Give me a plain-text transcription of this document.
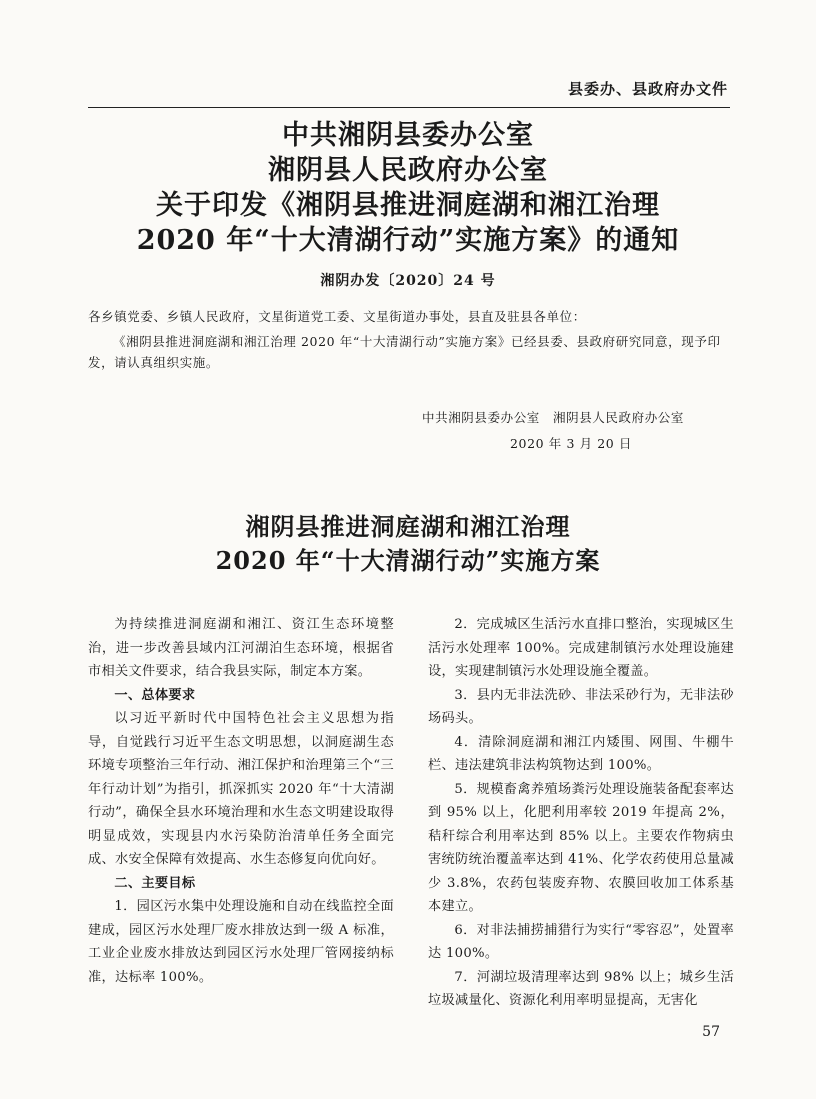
县委办、县政府办文件
中共湘阴县委办公室
湘阴县人民政府办公室
关于印发《湘阴县推进洞庭湖和湘江治理
2020 年“十大清湖行动”实施方案》的通知
湘阴办发〔2020〕24 号
各乡镇党委、乡镇人民政府，文星街道党工委、文星街道办事处，县直及驻县各单位：
《湘阴县推进洞庭湖和湘江治理 2020 年“十大清湖行动”实施方案》已经县委、县政府研究同意，现予印发，请认真组织实施。
中共湘阴县委办公室　湘阴县人民政府办公室
2020 年 3 月 20 日
湘阴县推进洞庭湖和湘江治理
2020 年“十大清湖行动”实施方案

为持续推进洞庭湖和湘江、资江生态环境整治，进一步改善县域内江河湖泊生态环境，根据省市相关文件要求，结合我县实际，制定本方案。

一、总体要求

以习近平新时代中国特色社会主义思想为指导，自觉践行习近平生态文明思想，以洞庭湖生态环境专项整治三年行动、湘江保护和治理第三个“三年行动计划”为指引，抓深抓实 2020 年“十大清湖行动”，确保全县水环境治理和水生态文明建设取得明显成效，实现县内水污染防治清单任务全面完成、水安全保障有效提高、水生态修复向优向好。

二、主要目标

1．园区污水集中处理设施和自动在线监控全面建成，园区污水处理厂废水排放达到一级 A 标准，工业企业废水排放达到园区污水处理厂管网接纳标准，达标率 100%。

2．完成城区生活污水直排口整治，实现城区生活污水处理率 100%。完成建制镇污水处理设施建设，实现建制镇污水处理设施全覆盖。

3．县内无非法洗砂、非法采砂行为，无非法砂场码头。

4．清除洞庭湖和湘江内矮围、网围、牛棚牛栏、违法建筑非法构筑物达到 100%。

5．规模畜禽养殖场粪污处理设施装备配套率达到 95% 以上，化肥利用率较 2019 年提高 2%，秸秆综合利用率达到 85% 以上。主要农作物病虫害统防统治覆盖率达到 41%、化学农药使用总量减少 3.8%，农药包装废弃物、农膜回收加工体系基本建立。

6．对非法捕捞捕猎行为实行“零容忍”，处置率达 100%。

7．河湖垃圾清理率达到 98% 以上；城乡生活垃圾减量化、资源化利用率明显提高，无害化

57
